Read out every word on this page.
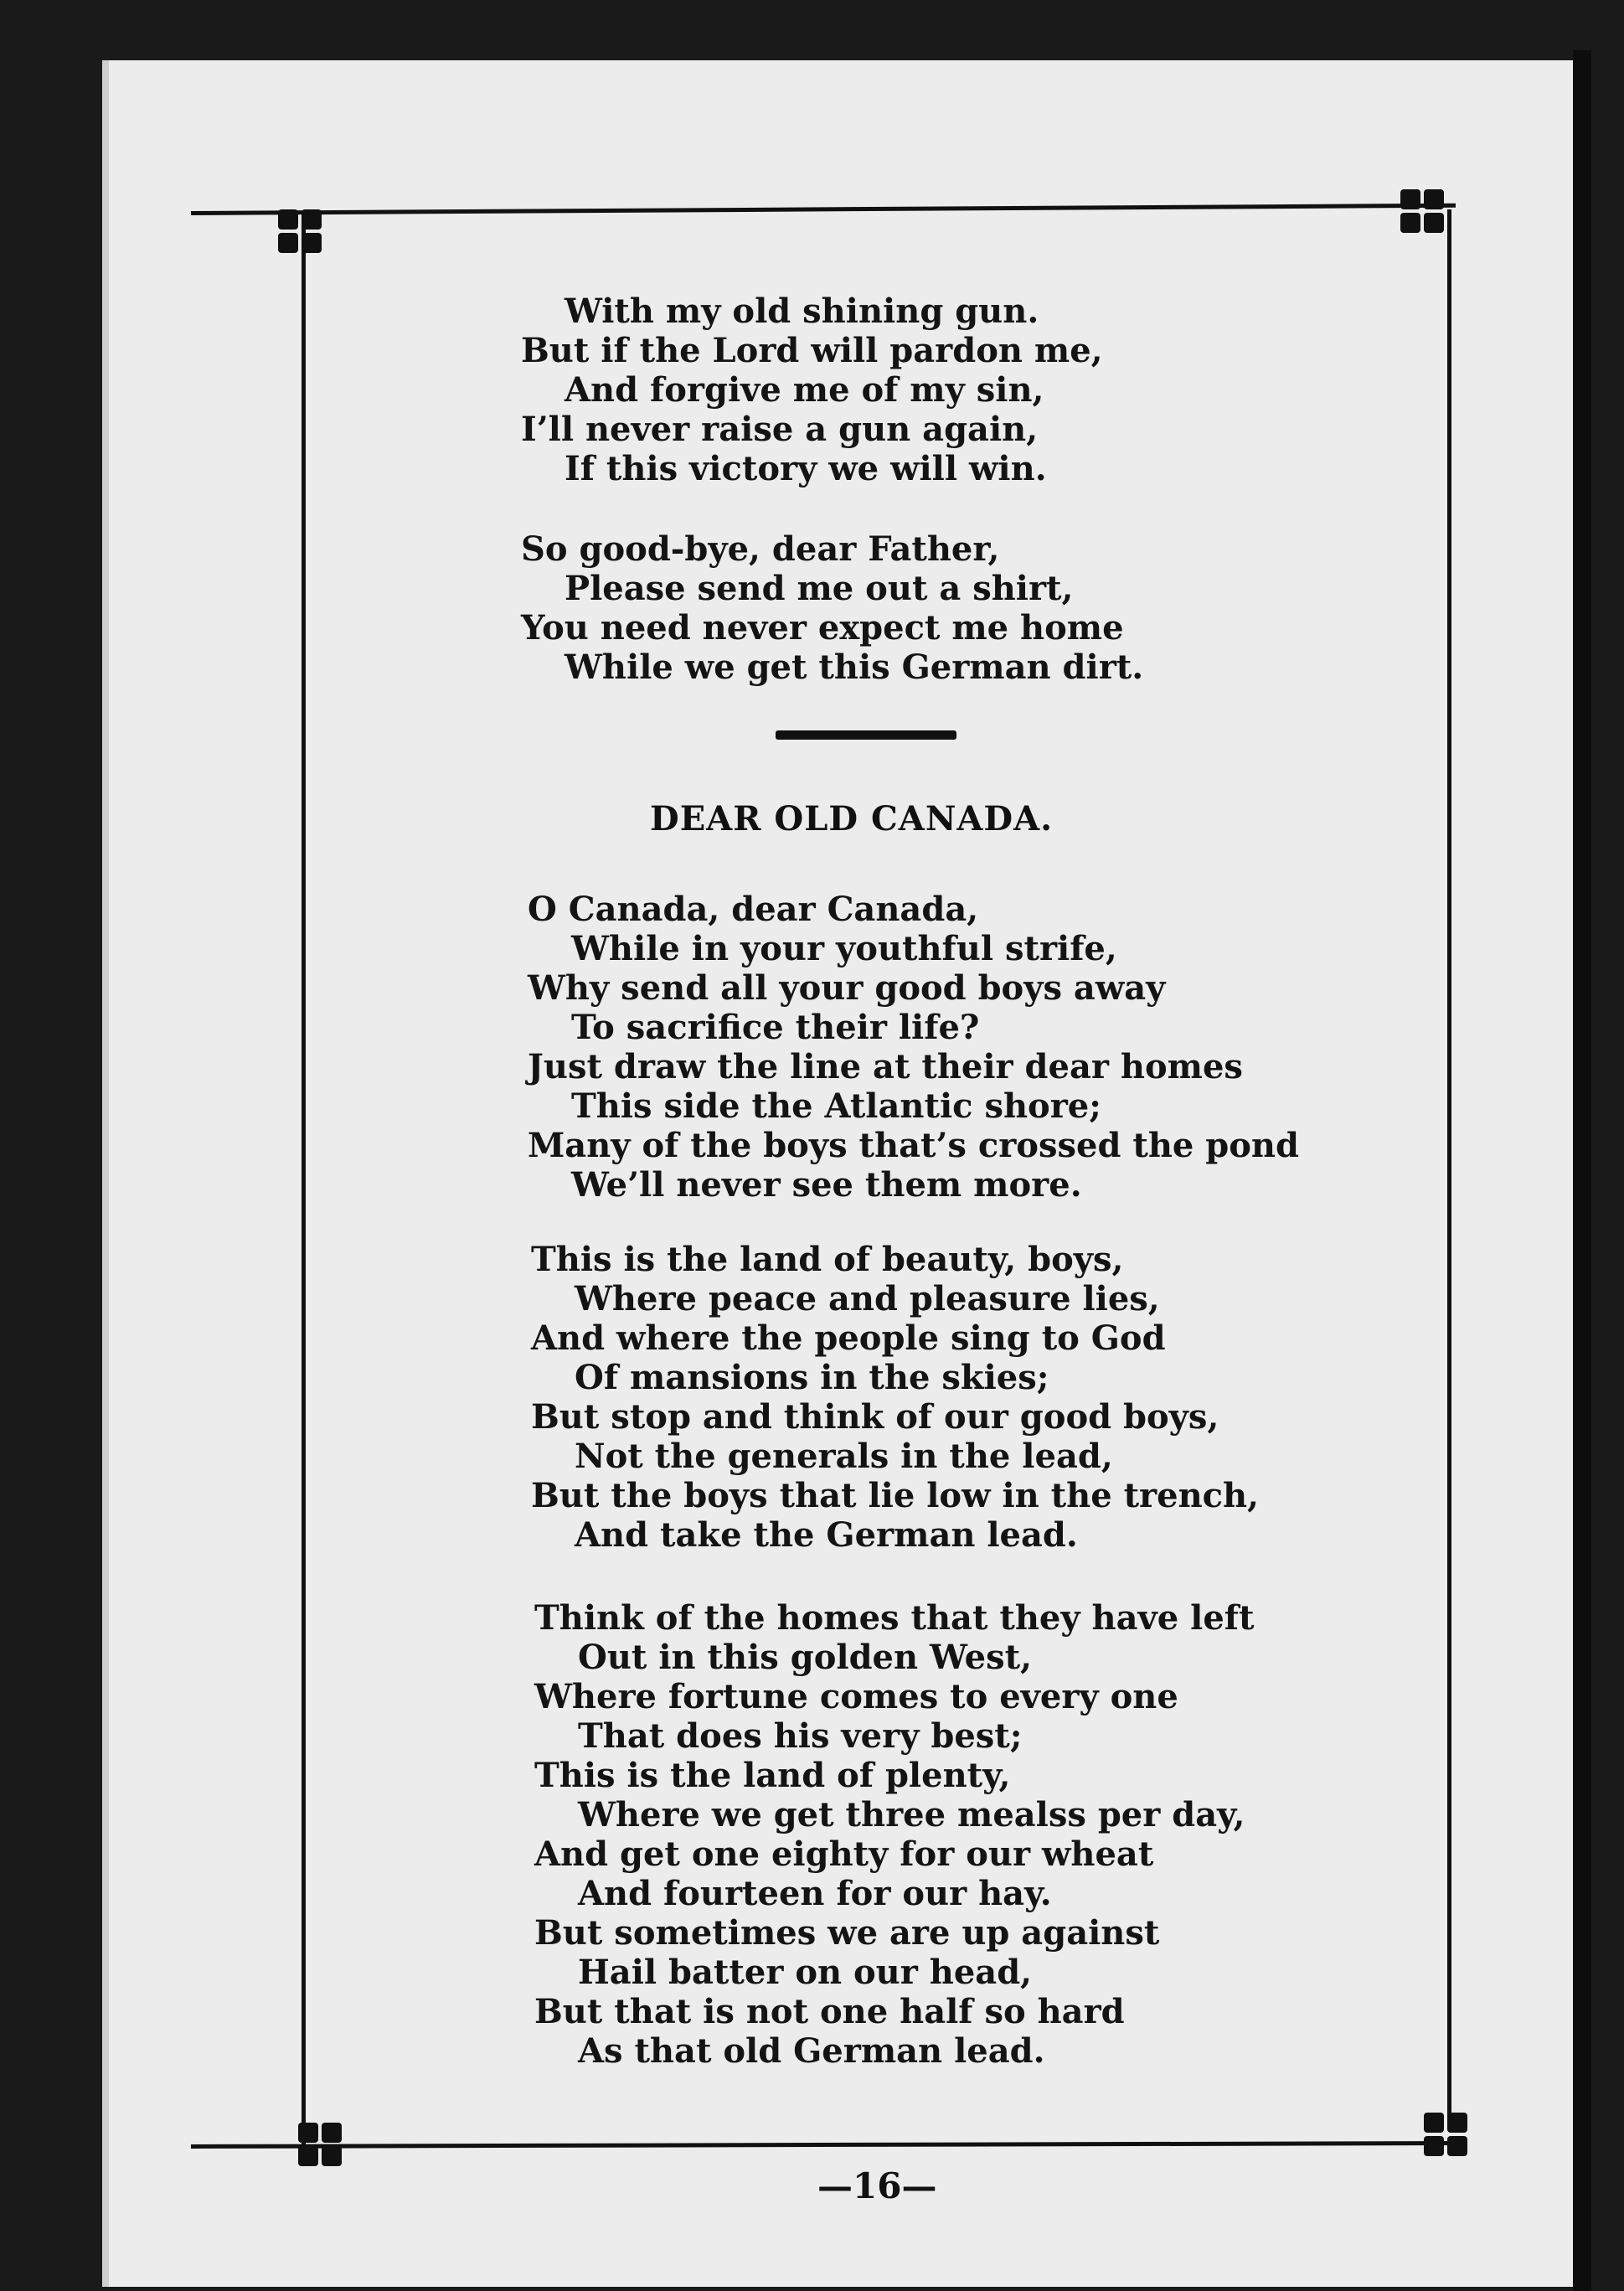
With my old shining gun.
But if the Lord will pardon me,
And forgive me of my sin,
I’ll never raise a gun again,
If this victory we will win.
So good-bye, dear Father,
Please send me out a shirt,
You need never expect me home
While we get this German dirt.
DEAR OLD CANADA.
O Canada, dear Canada,
While in your youthful strife,
Why send all your good boys away
To sacrifice their life?
Just draw the line at their dear homes
This side the Atlantic shore;
Many of the boys that’s crossed the pond
We’ll never see them more.
This is the land of beauty, boys,
Where peace and pleasure lies,
And where the people sing to God
Of mansions in the skies;
But stop and think of our good boys,
Not the generals in the lead,
But the boys that lie low in the trench,
And take the German lead.
Think of the homes that they have left
Out in this golden West,
Where fortune comes to every one
That does his very best;
This is the land of plenty,
Where we get three mealss per day,
And get one eighty for our wheat
And fourteen for our hay.
But sometimes we are up against
Hail batter on our head,
But that is not one half so hard
As that old German lead.
—16—
